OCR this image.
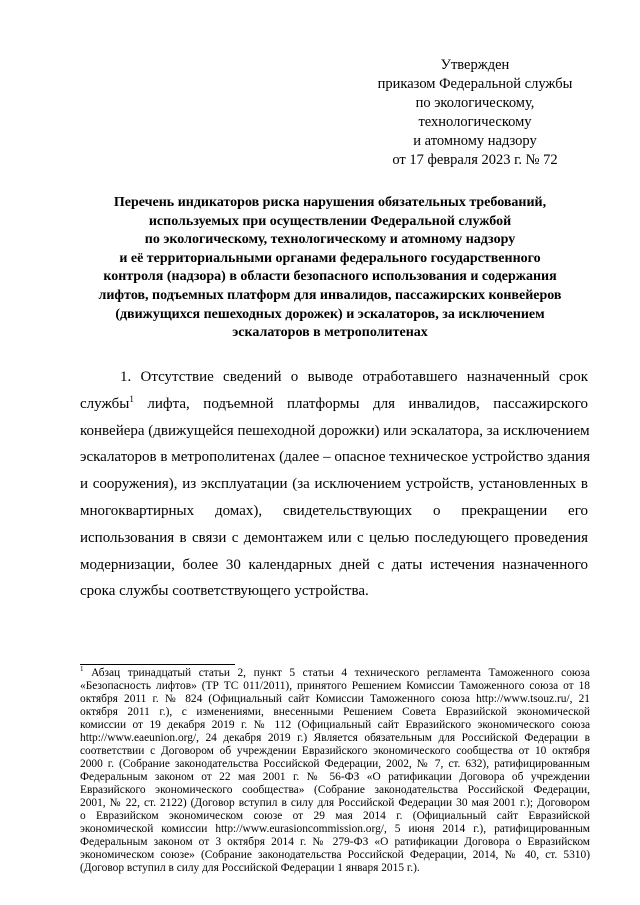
Утвержден
приказом Федеральной службы
по экологическому,
технологическому
и атомному надзору
от 17 февраля 2023 г. № 72
Перечень индикаторов риска нарушения обязательных требований,
используемых при осуществлении Федеральной службой
по экологическому, технологическому и атомному надзору
и её территориальными органами федерального государственного
контроля (надзора) в области безопасного использования и содержания
лифтов, подъемных платформ для инвалидов, пассажирских конвейеров
(движущихся пешеходных дорожек) и эскалаторов, за исключением
эскалаторов в метрополитенах
1. Отсутствие сведений о выводе отработавшего назначенный срок
службы$^1$ лифта, подъемной платформы для инвалидов, пассажирского
конвейера (движущейся пешеходной дорожки) или эскалатора, за исключением
эскалаторов в метрополитенах (далее – опасное техническое устройство здания
и сооружения), из эксплуатации (за исключением устройств, установленных в
многоквартирных домах), свидетельствующих о прекращении его
использования в связи с демонтажем или с целью последующего проведения
модернизации, более 30 календарных дней с даты истечения назначенного
срока службы соответствующего устройства.
$^1$ Абзац тринадцатый статьи 2, пункт 5 статьи 4 технического регламента Таможенного союза
«Безопасность лифтов» (ТР ТС 011/2011), принятого Решением Комиссии Таможенного союза от 18
октября 2011 г. № 824 (Официальный сайт Комиссии Таможенного союза http://www.tsouz.ru/, 21
октября 2011 г.), с изменениями, внесенными Решением Совета Евразийской экономической
комиссии от 19 декабря 2019 г. № 112 (Официальный сайт Евразийского экономического союза
http://www.eaeunion.org/, 24 декабря 2019 г.) Является обязательным для Российской Федерации в
соответствии с Договором об учреждении Евразийского экономического сообщества от 10 октября
2000 г. (Собрание законодательства Российской Федерации, 2002, № 7, ст. 632), ратифицированным
Федеральным законом от 22 мая 2001 г. № 56-ФЗ «О ратификации Договора об учреждении
Евразийского экономического сообщества» (Собрание законодательства Российской Федерации,
2001, № 22, ст. 2122) (Договор вступил в силу для Российской Федерации 30 мая 2001 г.); Договором
о Евразийском экономическом союзе от 29 мая 2014 г. (Официальный сайт Евразийской
экономической комиссии http://www.eurasioncommission.org/, 5 июня 2014 г.), ратифицированным
Федеральным законом от 3 октября 2014 г. № 279-ФЗ «О ратификации Договора о Евразийском
экономическом союзе» (Собрание законодательства Российской Федерации, 2014, № 40, ст. 5310)
(Договор вступил в силу для Российской Федерации 1 января 2015 г.).
